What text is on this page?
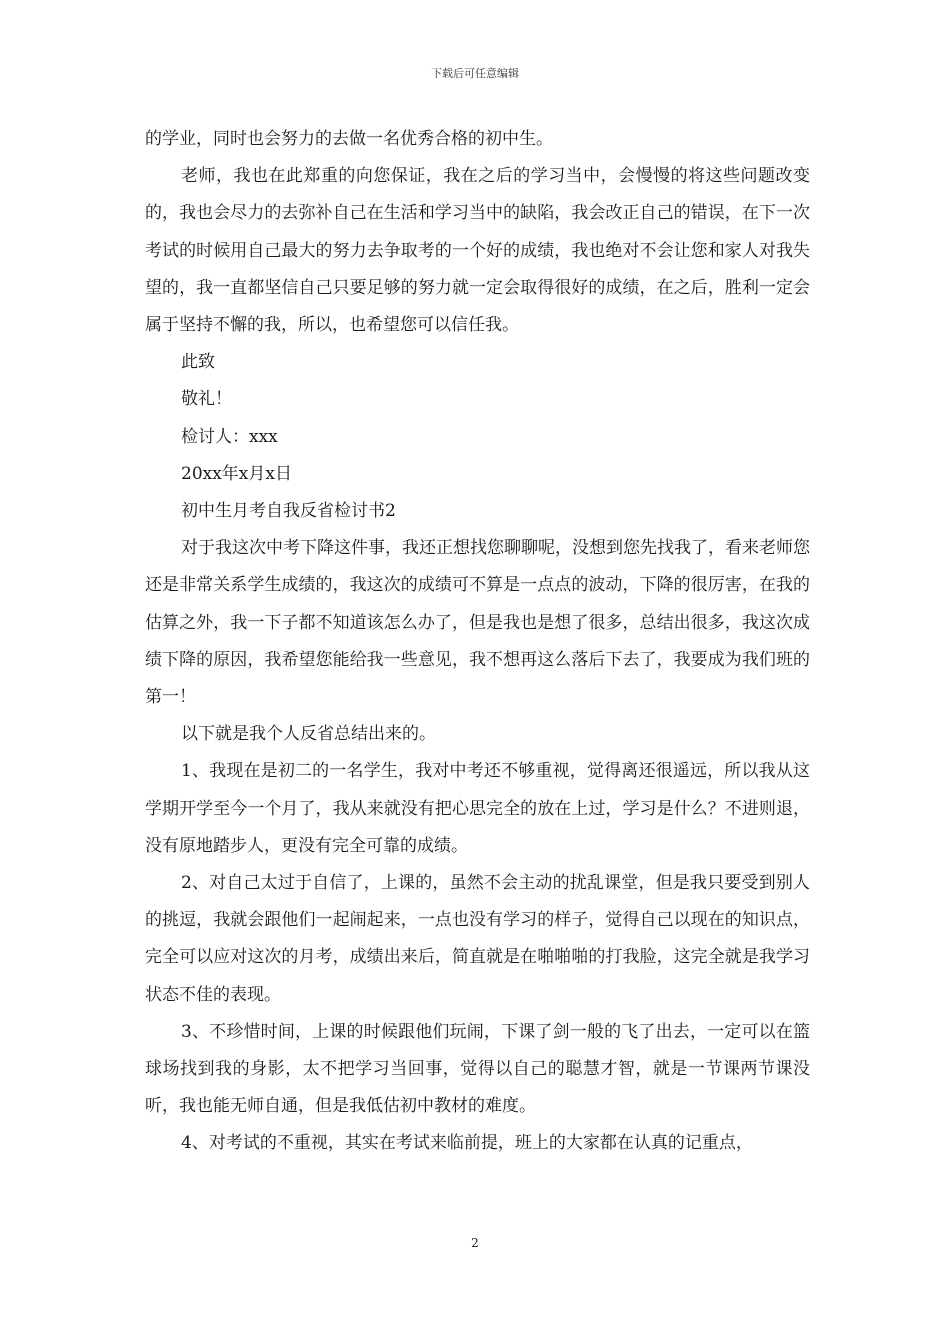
下载后可任意编辑

的学业，同时也会努力的去做一名优秀合格的初中生。

老师，我也在此郑重的向您保证，我在之后的学习当中，会慢慢的将这些问题改变的，我也会尽力的去弥补自己在生活和学习当中的缺陷，我会改正自己的错误，在下一次考试的时候用自己最大的努力去争取考的一个好的成绩，我也绝对不会让您和家人对我失望的，我一直都坚信自己只要足够的努力就一定会取得很好的成绩，在之后，胜利一定会属于坚持不懈的我，所以，也希望您可以信任我。

此致

敬礼！

检讨人：xxx

20xx年x月x日

初中生月考自我反省检讨书2

对于我这次中考下降这件事，我还正想找您聊聊呢，没想到您先找我了，看来老师您还是非常关系学生成绩的，我这次的成绩可不算是一点点的波动，下降的很厉害，在我的估算之外，我一下子都不知道该怎么办了，但是我也是想了很多，总结出很多，我这次成绩下降的原因，我希望您能给我一些意见，我不想再这么落后下去了，我要成为我们班的第一！

以下就是我个人反省总结出来的。

1、我现在是初二的一名学生，我对中考还不够重视，觉得离还很遥远，所以我从这学期开学至今一个月了，我从来就没有把心思完全的放在上过，学习是什么？不进则退，没有原地踏步人，更没有完全可靠的成绩。

2、对自己太过于自信了，上课的，虽然不会主动的扰乱课堂，但是我只要受到别人的挑逗，我就会跟他们一起闹起来，一点也没有学习的样子，觉得自己以现在的知识点，完全可以应对这次的月考，成绩出来后，简直就是在啪啪啪的打我脸，这完全就是我学习状态不佳的表现。

3、不珍惜时间，上课的时候跟他们玩闹，下课了剑一般的飞了出去，一定可以在篮球场找到我的身影，太不把学习当回事，觉得以自己的聪慧才智，就是一节课两节课没听，我也能无师自通，但是我低估初中教材的难度。

4、对考试的不重视，其实在考试来临前提，班上的大家都在认真的记重点，

2
